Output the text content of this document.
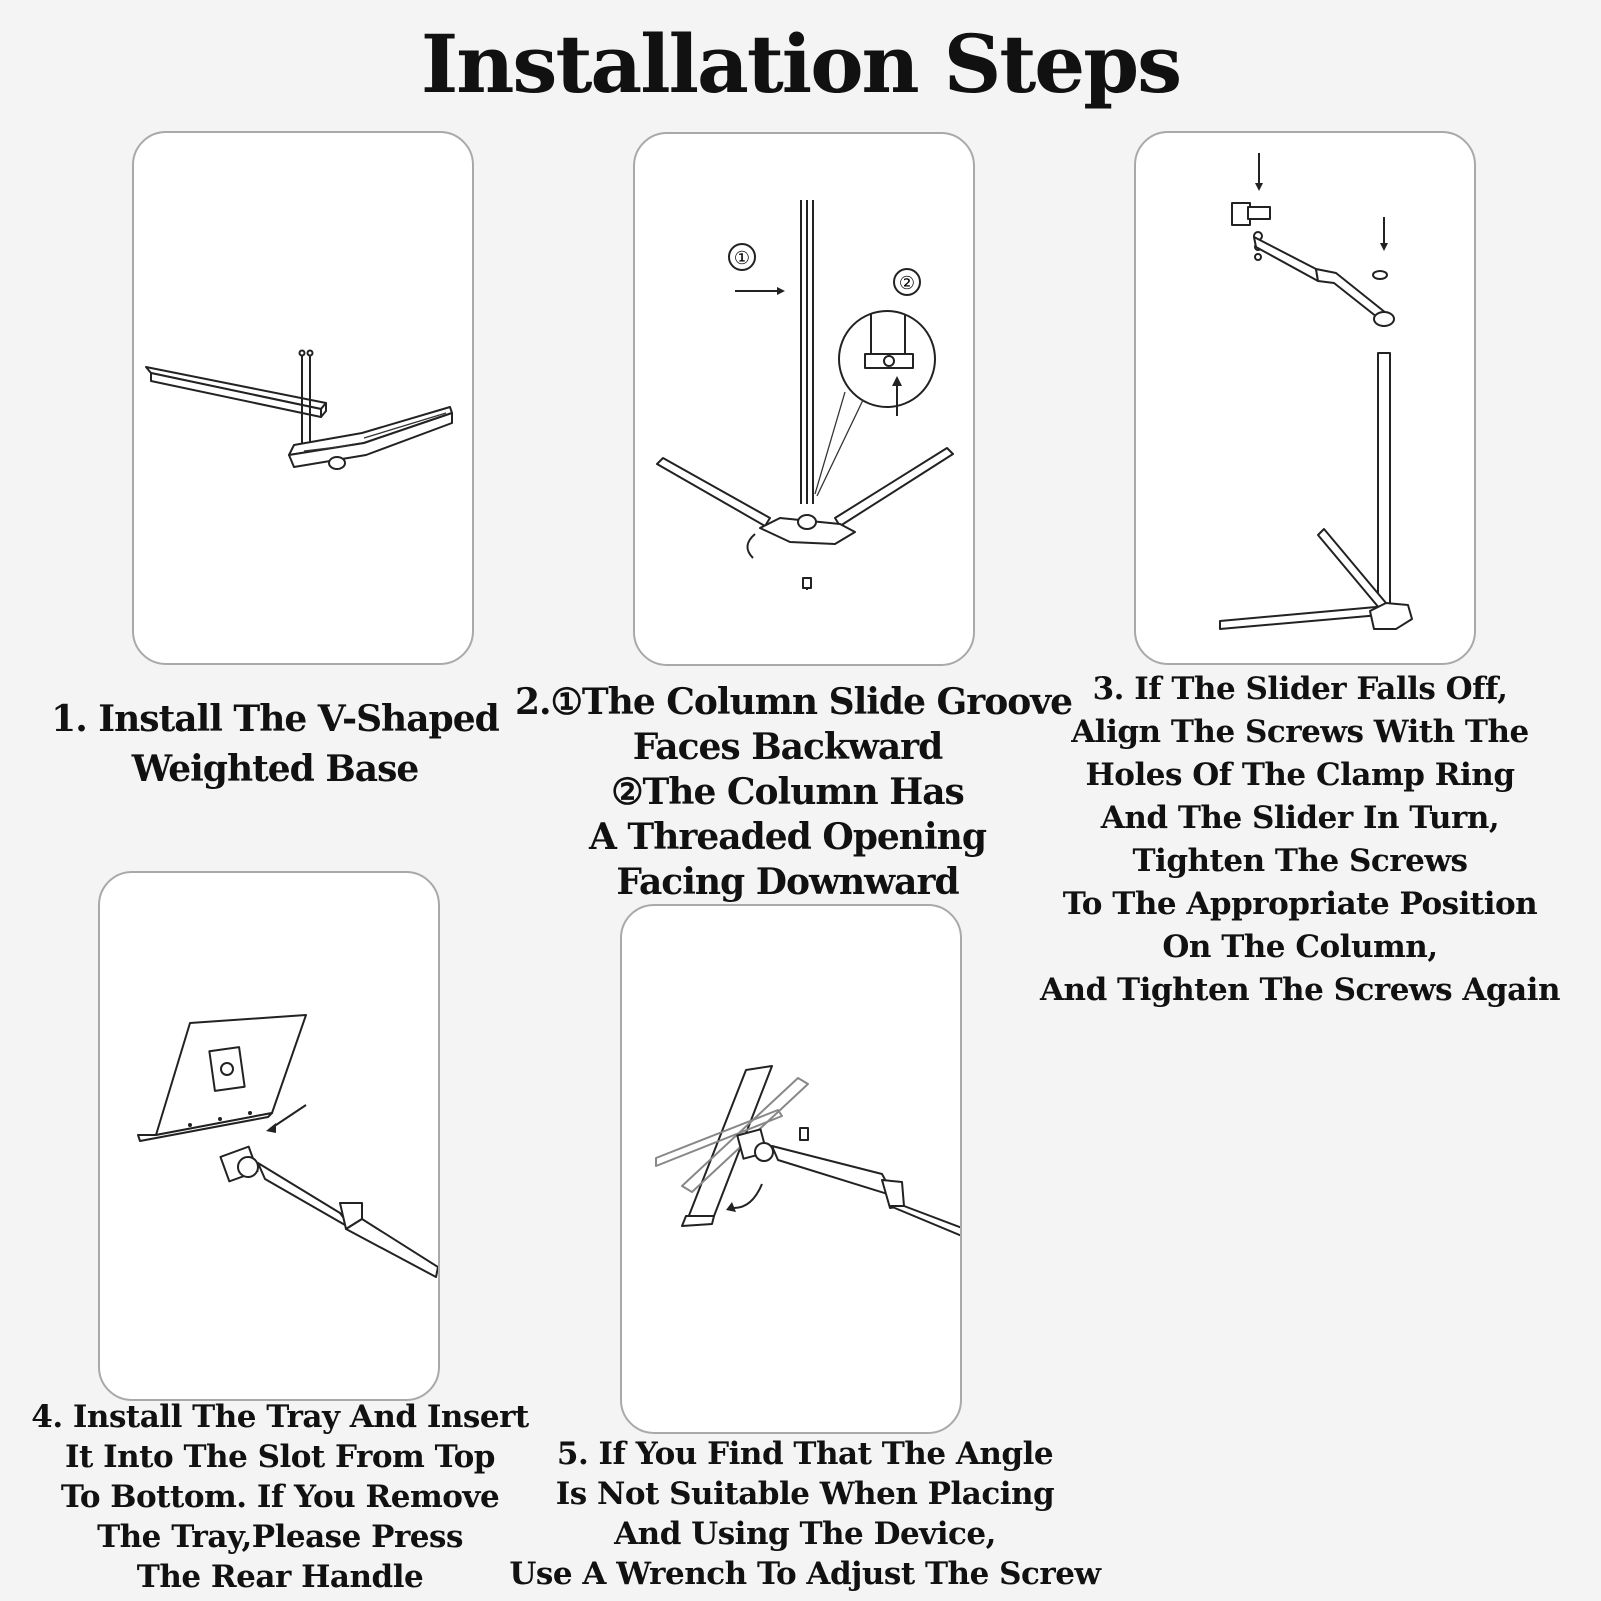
Installation Steps
①
②
1. Install The V-Shaped
Weighted Base
2.①The Column Slide Groove
Faces Backward
②The Column Has
A Threaded Opening
Facing Downward
3. If The Slider Falls Off,
Align The Screws With The
Holes Of The Clamp Ring
And The Slider In Turn,
Tighten The Screws
To The Appropriate Position
On The Column,
And Tighten The Screws Again
4. Install The Tray And Insert
It Into The Slot From Top
To Bottom. If You Remove
The Tray,Please Press
The Rear Handle
5. If You Find That The Angle
Is Not Suitable When Placing
And Using The Device,
Use A Wrench To Adjust The Screw
